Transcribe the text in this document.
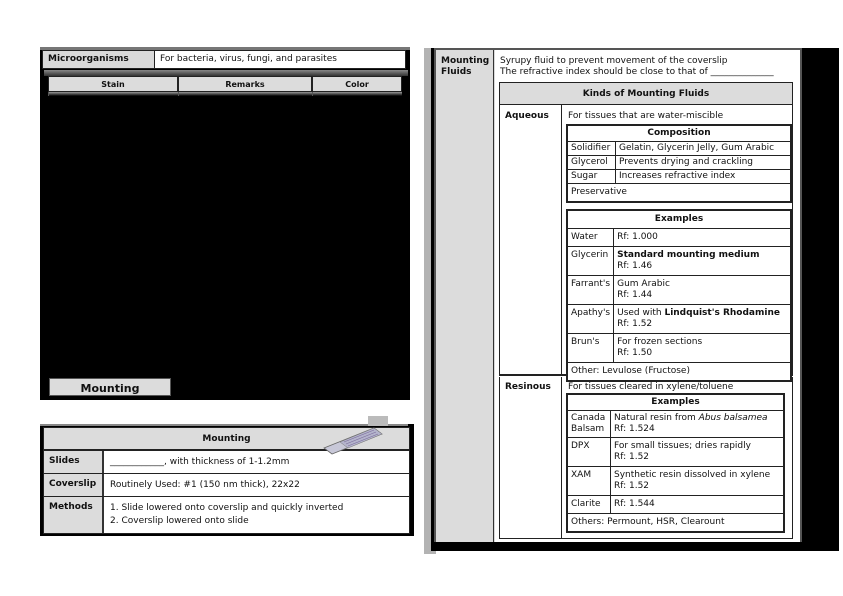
Microorganisms	For bacteria, virus, fungi, and parasites
Stain	Remarks	Color
Mounting
Mounting
Slides	____________, with thickness of 1-1.2mm
Coverslip	Routinely Used: #1 (150 nm thick), 22x22
Methods	1. Slide lowered onto coverslip and quickly inverted
2. Coverslip lowered onto slide
Mounting Fluids
Syrupy fluid to prevent movement of the coverslip
The refractive index should be close to that of ______________
Kinds of Mounting Fluids
Aqueous For tissues that are water-miscible
Composition	
Solidifier	Gelatin, Glycerin Jelly, Gum Arabic
Glycerol	Prevents drying and crackling
Sugar	Increases refractive index
Preservative	
Examples	
Water	Rf: 1.000
Glycerin	Standard mounting medium
Rf: 1.46

Farrant's	Gum Arabic
Rf: 1.44

Apathy's	Used with Lindquist's Rhodamine
Rf: 1.52

Brun's	For frozen sections
Rf: 1.50

Other: Levulose (Fructose)	
Resinous For tissues cleared in xylene/toluene
Examples	
Canada Balsam	Natural resin from Abus balsamea
Rf: 1.524

DPX	For small tissues; dries rapidly
Rf: 1.52

XAM	Synthetic resin dissolved in xylene
Rf: 1.52

Clarite	Rf: 1.544
Others: Permount, HSR, Clearount	
